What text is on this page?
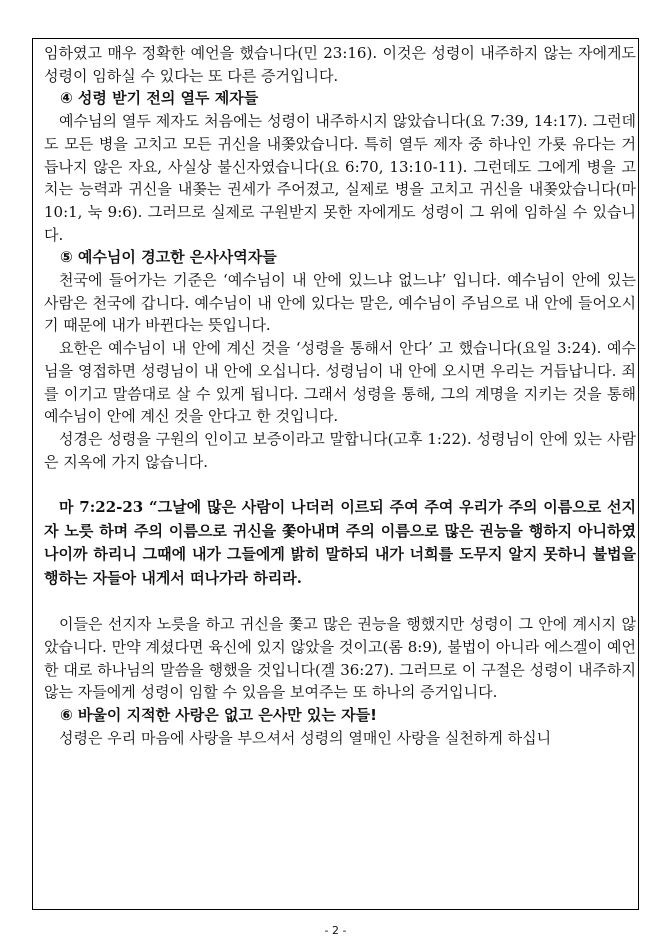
임하였고 매우 정확한 예언을 했습니다(민 23:16). 이것은 성령이 내주하지 않는 자에게도 성령이 임하실 수 있다는 또 다른 증거입니다.

④ 성령 받기 전의 열두 제자들

예수님의 열두 제자도 처음에는 성령이 내주하시지 않았습니다(요 7:39, 14:17). 그런데도 모든 병을 고치고 모든 귀신을 내쫒았습니다. 특히 열두 제자 중 하나인 가룟 유다는 거듭나지 않은 자요, 사실상 불신자였습니다(요 6:70, 13:10-11). 그런데도 그에게 병을 고치는 능력과 귀신을 내쫒는 권세가 주어졌고, 실제로 병을 고치고 귀신을 내쫒았습니다(마 10:1, 눅 9:6). 그러므로 실제로 구원받지 못한 자에게도 성령이 그 위에 임하실 수 있습니다.

⑤ 예수님이 경고한 은사사역자들

천국에 들어가는 기준은 ‘예수님이 내 안에 있느냐 없느냐’ 입니다. 예수님이 안에 있는 사람은 천국에 갑니다. 예수님이 내 안에 있다는 말은, 예수님이 주님으로 내 안에 들어오시기 때문에 내가 바뀐다는 뜻입니다.

요한은 예수님이 내 안에 계신 것을 ‘성령을 통해서 안다’ 고 했습니다(요일 3:24). 예수님을 영접하면 성령님이 내 안에 오십니다. 성령님이 내 안에 오시면 우리는 거듭납니다. 죄를 이기고 말씀대로 살 수 있게 됩니다. 그래서 성령을 통해, 그의 계명을 지키는 것을 통해 예수님이 안에 계신 것을 안다고 한 것입니다.

성경은 성령을 구원의 인이고 보증이라고 말합니다(고후 1:22). 성령님이 안에 있는 사람은 지옥에 가지 않습니다.

마 7:22-23 “그날에 많은 사람이 나더러 이르되 주여 주여 우리가 주의 이름으로 선지자 노릇 하며 주의 이름으로 귀신을 쫓아내며 주의 이름으로 많은 권능을 행하지 아니하였나이까 하리니 그때에 내가 그들에게 밝히 말하되 내가 너희를 도무지 알지 못하니 불법을 행하는 자들아 내게서 떠나가라 하리라.

이들은 선지자 노릇을 하고 귀신을 쫓고 많은 권능을 행했지만 성령이 그 안에 계시지 않았습니다. 만약 계셨다면 육신에 있지 않았을 것이고(롬 8:9), 불법이 아니라 에스겔이 예언한 대로 하나님의 말씀을 행했을 것입니다(겔 36:27). 그러므로 이 구절은 성령이 내주하지 않는 자들에게 성령이 임할 수 있음을 보여주는 또 하나의 증거입니다.

⑥ 바울이 지적한 사랑은 없고 은사만 있는 자들!

성령은 우리 마음에 사랑을 부으셔서 성령의 열매인 사랑을 실천하게 하십니

- 2 -
